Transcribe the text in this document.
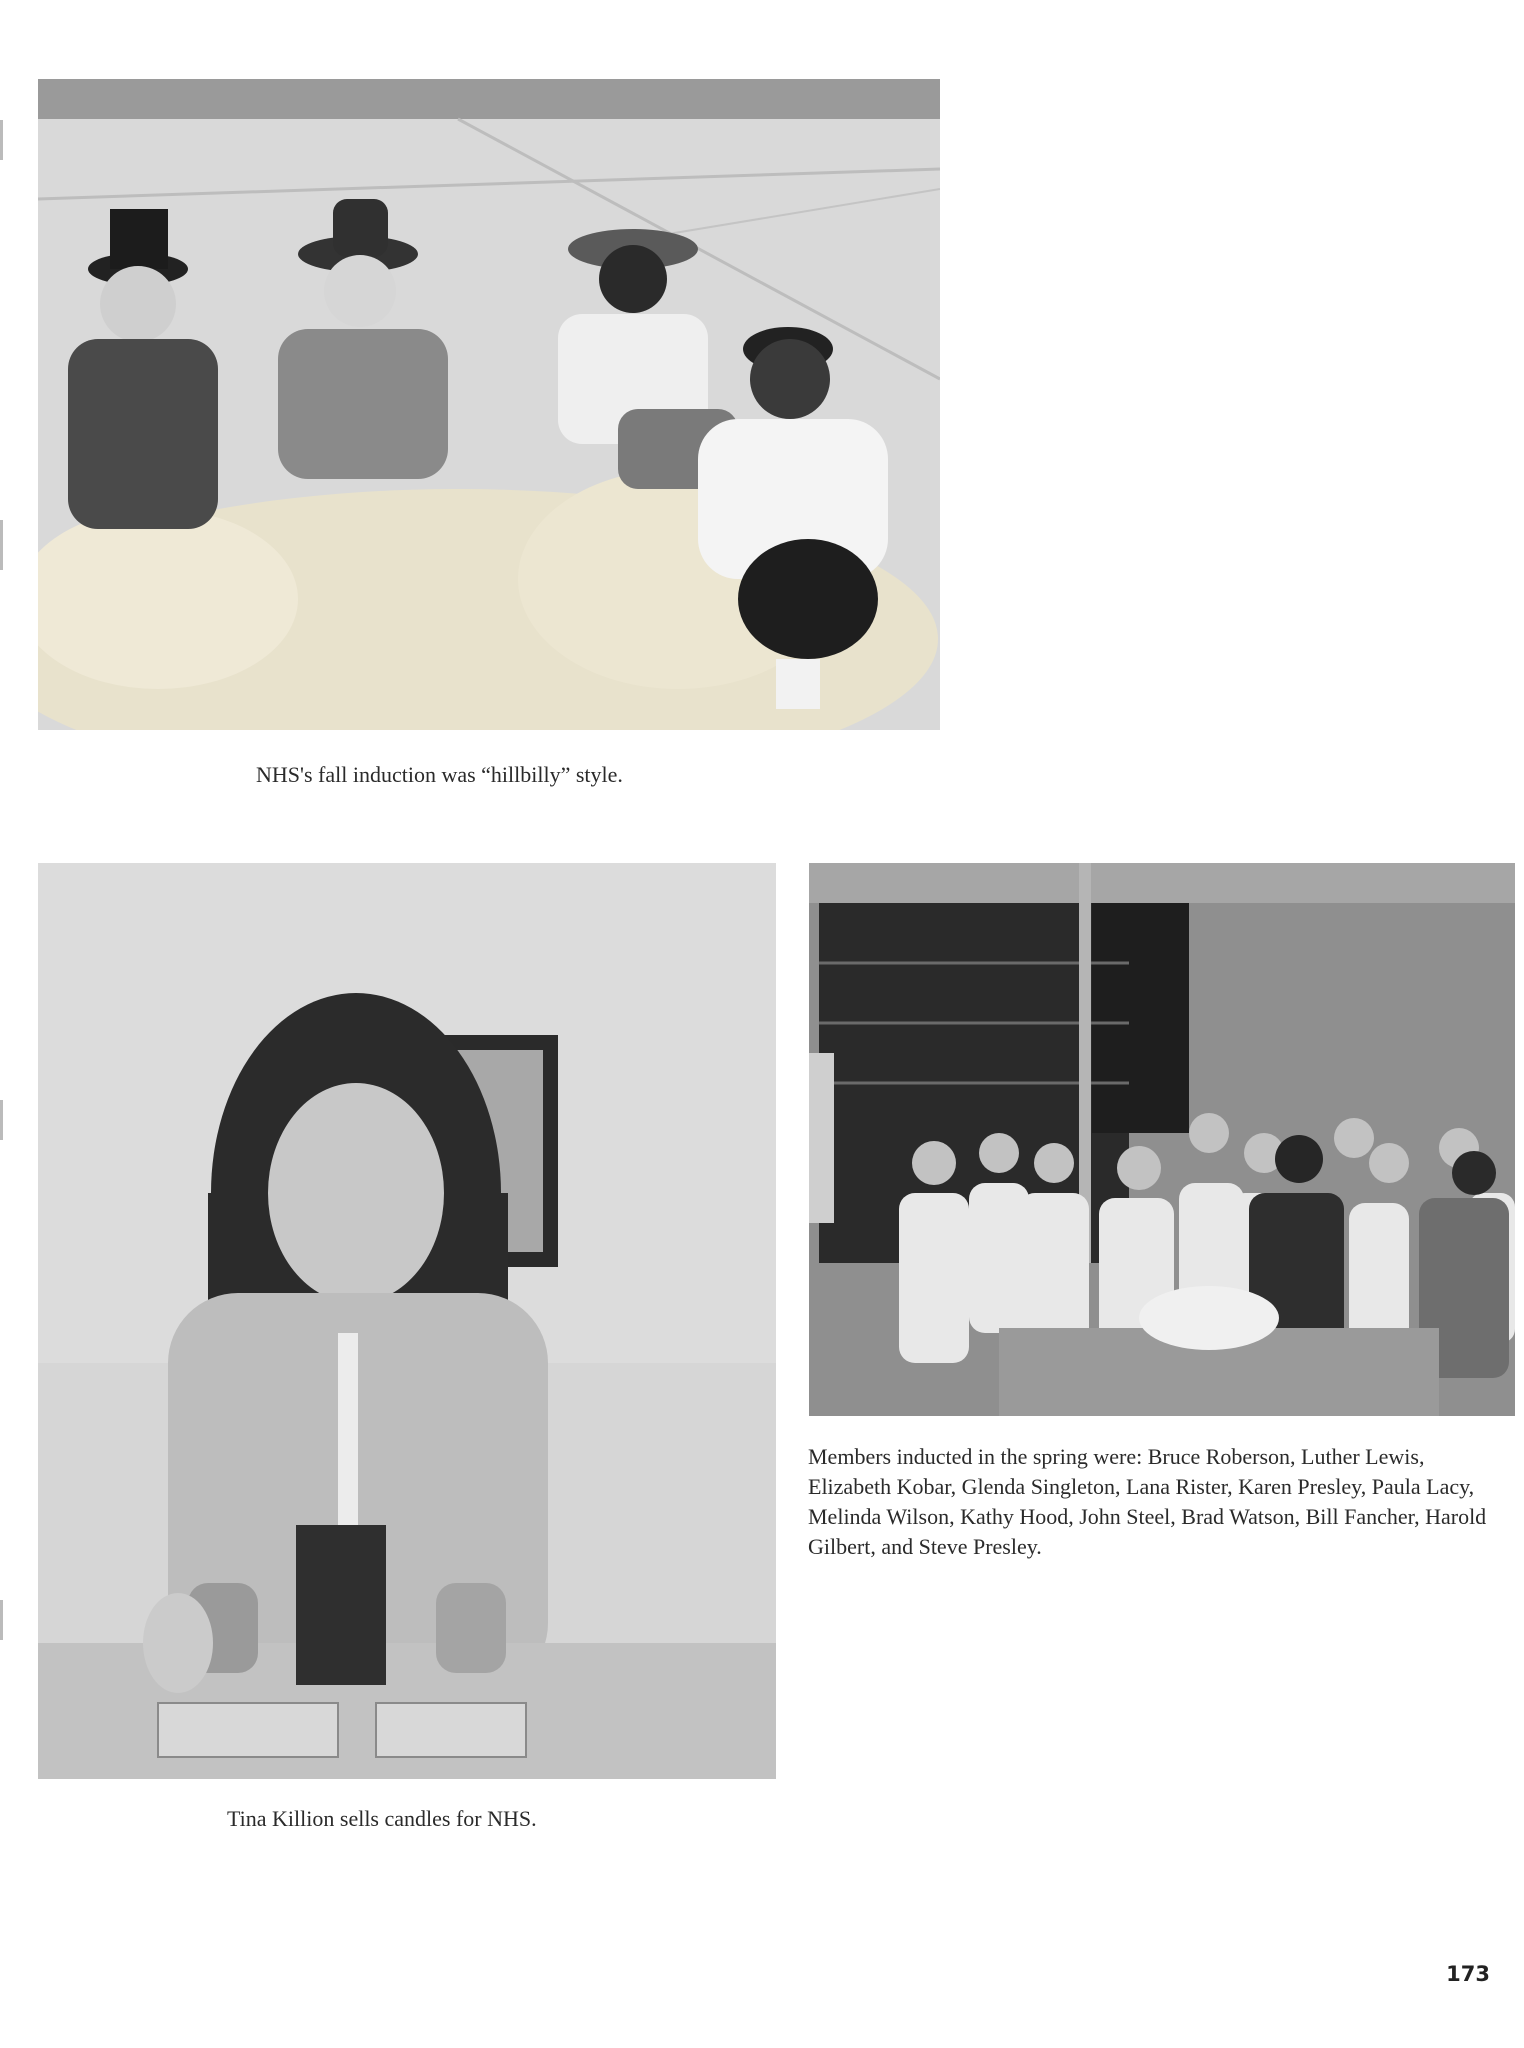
NHS's fall induction was “hillbilly” style.

Tina Killion sells candles for NHS.

Members inducted in the spring were: Bruce Roberson, Luther Lewis, Elizabeth Kobar, Glenda Singleton, Lana Rister, Karen Presley, Paula Lacy, Melinda Wilson, Kathy Hood, John Steel, Brad Watson, Bill Fancher, Harold Gilbert, and Steve Presley.

173
